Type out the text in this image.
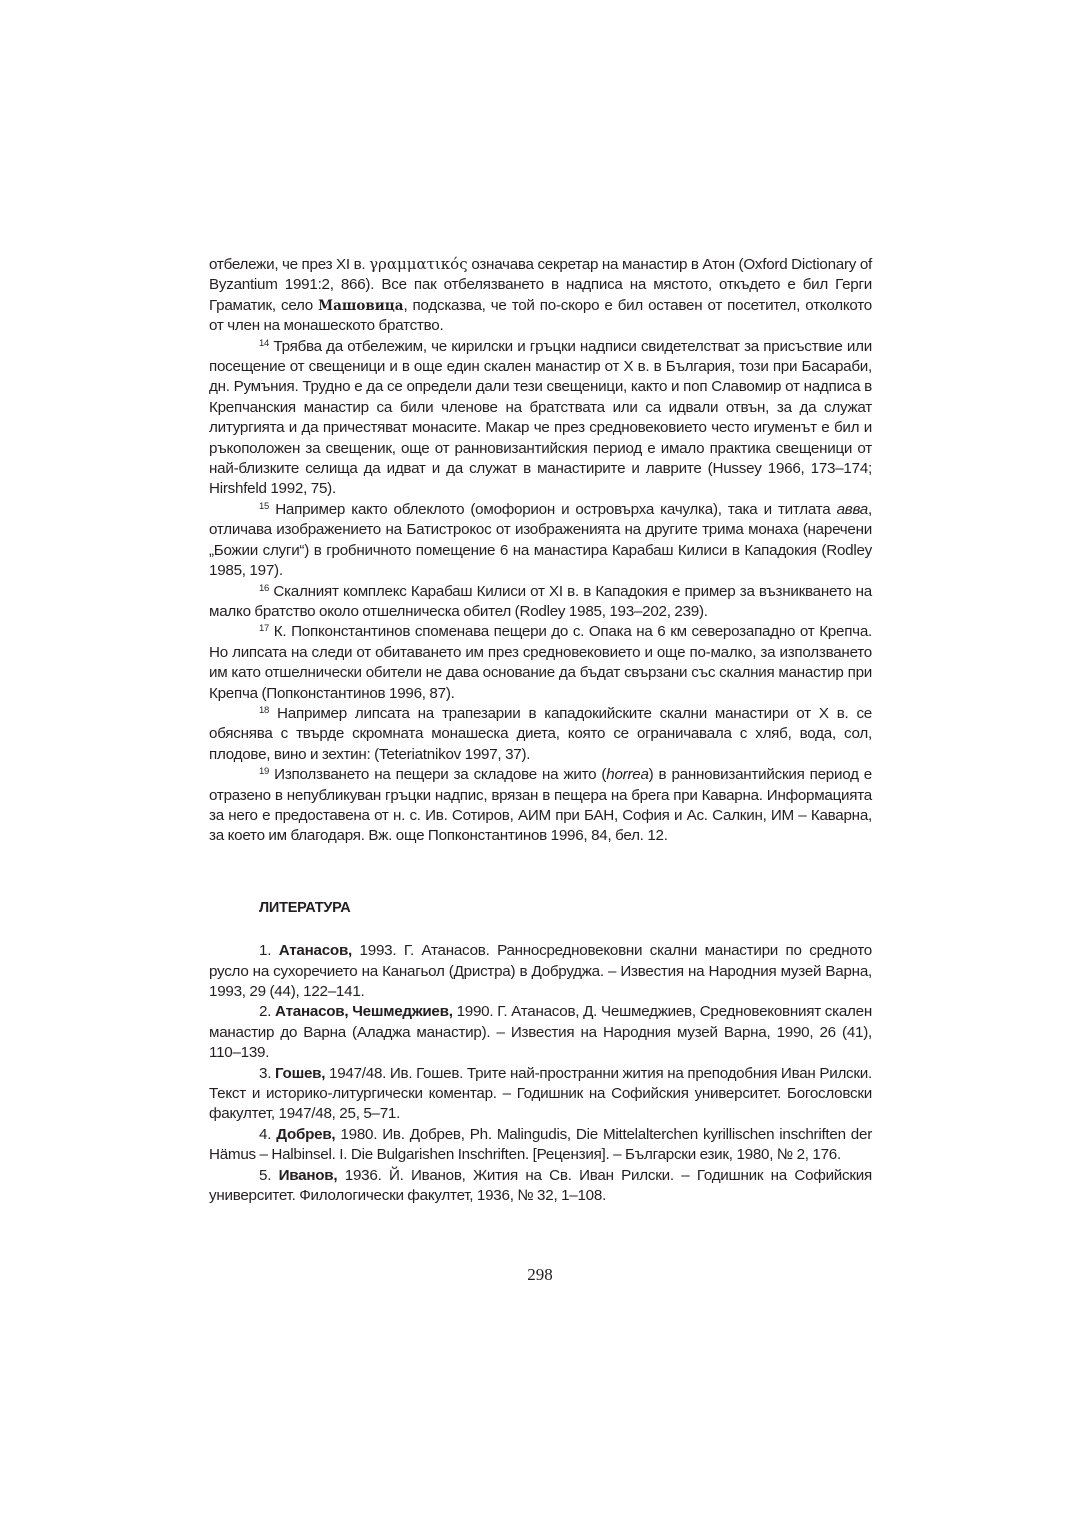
отбележи, че през XI в. γραμματικός означава секретар на манастир в Атон (Oxford Dictionary of Byzantium 1991:2, 866). Все пак отбелязването в надписа на мястото, откъдето е бил Герги Граматик, село Машовица, подсказва, че той по-скоро е бил оставен от посетител, отколкото от член на монашеското братство.

$^{14}$ Трябва да отбележим, че кирилски и гръцки надписи свидетелстват за присъствие или посещение от свещеници и в още един скален манастир от X в. в България, този при Басараби, дн. Румъния. Трудно е да се определи дали тези свещеници, както и поп Славомир от надписа в Крепчанския манастир са били членове на братствата или са идвали отвън, за да служат литургията и да причестяват монасите. Макар че през средновековието често игуменът е бил и ръкоположен за свещеник, още от ранновизантийския период е имало практика свещеници от най-близките селища да идват и да служат в манастирите и лаврите (Hussey 1966, 173–174; Hirshfeld 1992, 75).

$^{15}$ Например както облеклото (омофорион и островърха качулка), така и титлата авва, отличава изображението на Батистрокос от изображенията на другите трима монаха (наречени „Божии слуги“) в гробничното помещение 6 на манастира Карабаш Килиси в Кападокия (Rodley 1985, 197).

$^{16}$ Скалният комплекс Карабаш Килиси от XI в. в Кападокия е пример за възникването на малко братство около отшелническа обител (Rodley 1985, 193–202, 239).

$^{17}$ К. Попконстантинов споменава пещери до с. Опака на 6 км северозападно от Крепча. Но липсата на следи от обитаването им през средновековието и още по-малко, за използването им като отшелнически обители не дава основание да бъдат свързани със скалния манастир при Крепча (Попконстантинов 1996, 87).

$^{18}$ Например липсата на трапезарии в кападокийските скални манастири от X в. се обяснява с твърде скромната монашеска диета, която се ограничавала с хляб, вода, сол, плодове, вино и зехтин: (Teteriatnikov 1997, 37).

$^{19}$ Използването на пещери за складове на жито (horrea) в ранновизантийския период е отразено в непубликуван гръцки надпис, врязан в пещера на брега при Каварна. Информацията за него е предоставена от н. с. Ив. Сотиров, АИМ при БАН, София и Ас. Салкин, ИМ – Каварна, за което им благодаря. Вж. още Попконстантинов 1996, 84, бел. 12.

ЛИТЕРАТУРА

1. Атанасов, 1993. Г. Атанасов. Ранносредновековни скални манастири по средното русло на сухоречието на Канагьол (Дристра) в Добруджа. – Известия на Народния музей Варна, 1993, 29 (44), 122–141.

2. Атанасов, Чешмеджиев, 1990. Г. Атанасов, Д. Чешмеджиев, Средновековният скален манастир до Варна (Аладжа манастир). – Известия на Народния музей Варна, 1990, 26 (41), 110–139.

3. Гошев, 1947/48. Ив. Гошев. Трите най-пространни жития на преподобния Иван Рилски. Текст и историко-литургически коментар. – Годишник на Софийския университет. Богословски факултет, 1947/48, 25, 5–71.

4. Добрев, 1980. Ив. Добрев, Ph. Malingudis, Die Mittelalterchen kyrillischen inschriften der Hämus – Halbinsel. I. Die Bulgarishen Inschriften. [Рецензия]. – Български език, 1980, № 2, 176.

5. Иванов, 1936. Й. Иванов, Жития на Св. Иван Рилски. – Годишник на Софийския университет. Филологически факултет, 1936, № 32, 1–108.

298
